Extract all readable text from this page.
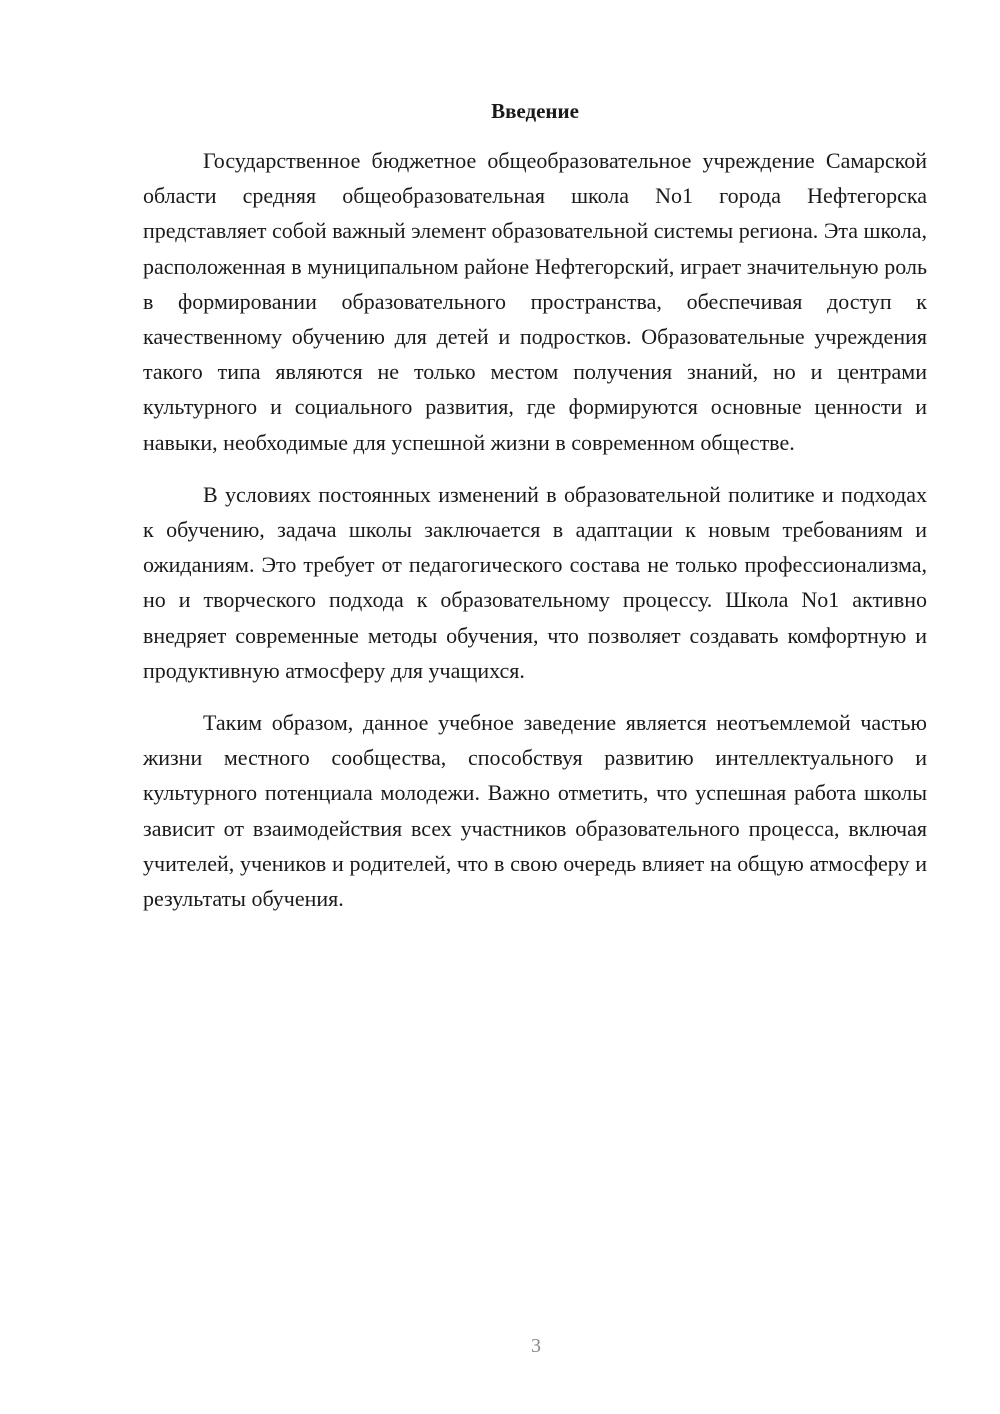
Введение

Государственное бюджетное общеобразовательное учреждение Самарской области средняя общеобразовательная школа No1 города Нефтегорска представляет собой важный элемент образовательной системы региона. Эта школа, расположенная в муниципальном районе Нефтегорский, играет значительную роль в формировании образовательного пространства, обеспечивая доступ к качественному обучению для детей и подростков. Образовательные учреждения такого типа являются не только местом получения знаний, но и центрами культурного и социального развития, где формируются основные ценности и навыки, необходимые для успешной жизни в современном обществе.

В условиях постоянных изменений в образовательной политике и подходах к обучению, задача школы заключается в адаптации к новым требованиям и ожиданиям. Это требует от педагогического состава не только профессионализма, но и творческого подхода к образовательному процессу. Школа No1 активно внедряет современные методы обучения, что позволяет создавать комфортную и продуктивную атмосферу для учащихся.

Таким образом, данное учебное заведение является неотъемлемой частью жизни местного сообщества, способствуя развитию интеллектуального и культурного потенциала молодежи. Важно отметить, что успешная работа школы зависит от взаимодействия всех участников образовательного процесса, включая учителей, учеников и родителей, что в свою очередь влияет на общую атмосферу и результаты обучения.

3
